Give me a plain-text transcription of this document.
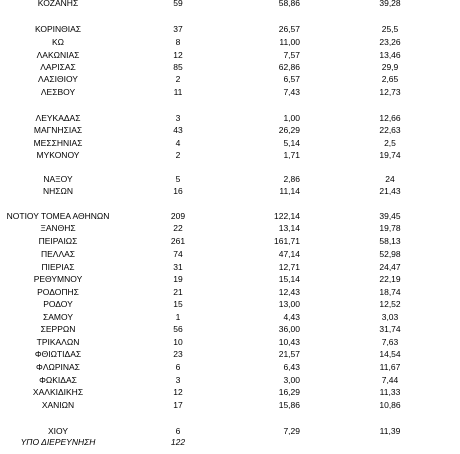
ΚΟΖΑΝΗΣ	59	58,86	39,28
ΚΟΡΙΝΘΙΑΣ	37	26,57	25,5
ΚΩ	8	11,00	23,26
ΛΑΚΩΝΙΑΣ	12	7,57	13,46
ΛΑΡΙΣΑΣ	85	62,86	29,9
ΛΑΣΙΘΙΟΥ	2	6,57	2,65
ΛΕΣΒΟΥ	11	7,43	12,73
ΛΕΥΚΑΔΑΣ	3	1,00	12,66
ΜΑΓΝΗΣΙΑΣ	43	26,29	22,63
ΜΕΣΣΗΝΙΑΣ	4	5,14	2,5
ΜΥΚΟΝΟΥ	2	1,71	19,74
ΝΑΞΟΥ	5	2,86	24
ΝΗΣΩΝ	16	11,14	21,43
ΝΟΤΙΟΥ ΤΟΜΕΑ ΑΘΗΝΩΝ	209	122,14	39,45
ΞΑΝΘΗΣ	22	13,14	19,78
ΠΕΙΡΑΙΩΣ	261	161,71	58,13
ΠΕΛΛΑΣ	74	47,14	52,98
ΠΙΕΡΙΑΣ	31	12,71	24,47
ΡΕΘΥΜΝΟΥ	19	15,14	22,19
ΡΟΔΟΠΗΣ	21	12,43	18,74
ΡΟΔΟΥ	15	13,00	12,52
ΣΑΜΟΥ	1	4,43	3,03
ΣΕΡΡΩΝ	56	36,00	31,74
ΤΡΙΚΑΛΩΝ	10	10,43	7,63
ΦΘΙΩΤΙΔΑΣ	23	21,57	14,54
ΦΛΩΡΙΝΑΣ	6	6,43	11,67
ΦΩΚΙΔΑΣ	3	3,00	7,44
ΧΑΛΚΙΔΙΚΗΣ	12	16,29	11,33
ΧΑΝΙΩΝ	17	15,86	10,86
ΧΙΟΥ	6	7,29	11,39
ΥΠΟ ΔΙΕΡΕΥΝΗΣΗ	122
